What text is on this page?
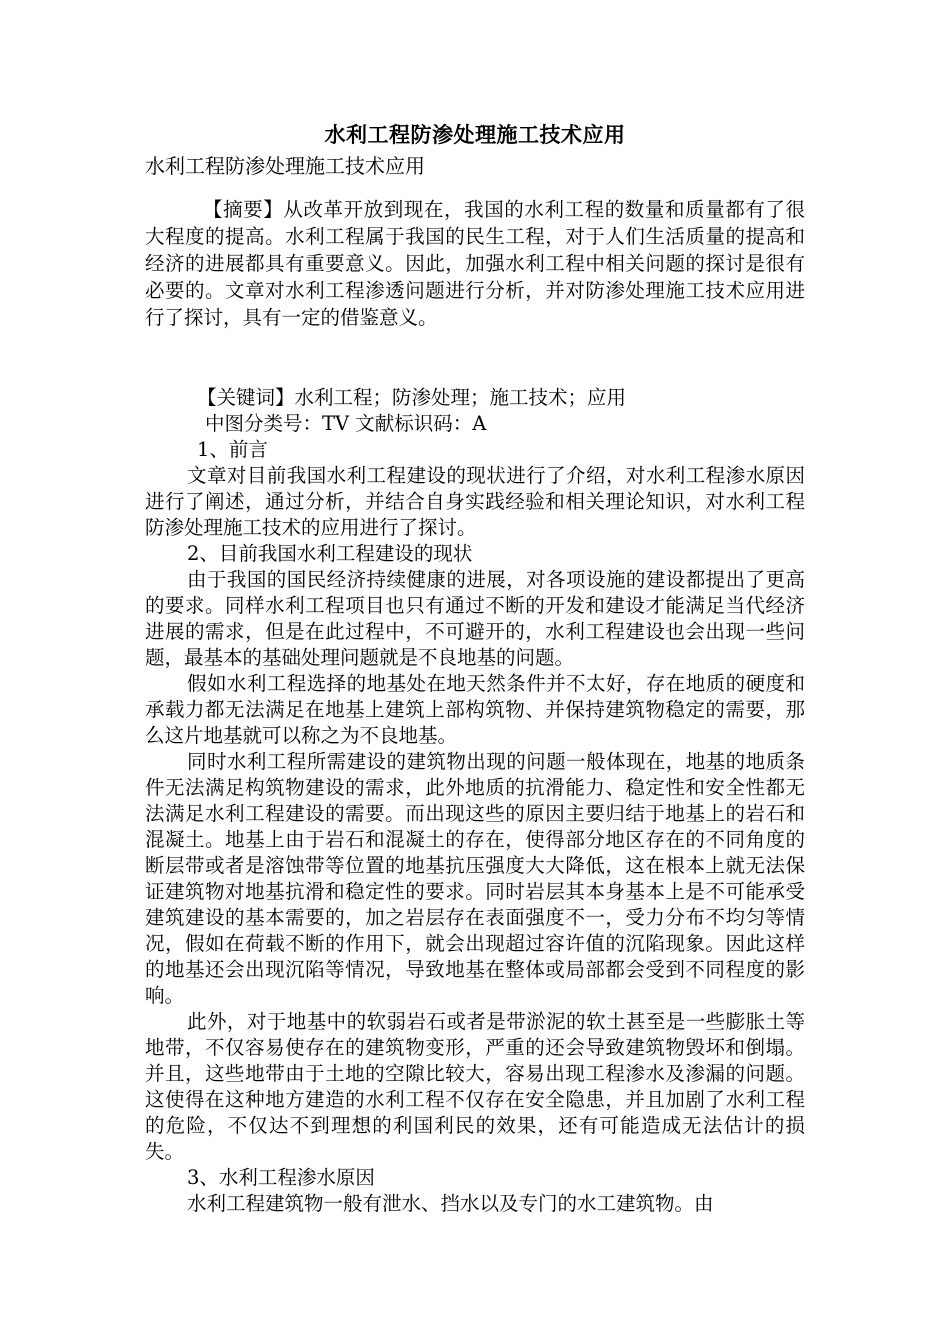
水利工程防渗处理施工技术应用

水利工程防渗处理施工技术应用

【摘要】从改革开放到现在，我国的水利工程的数量和质量都有了很大程度的提高。水利工程属于我国的民生工程，对于人们生活质量的提高和经济的进展都具有重要意义。因此，加强水利工程中相关问题的探讨是很有必要的。文章对水利工程渗透问题进行分析，并对防渗处理施工技术应用进行了探讨，具有一定的借鉴意义。

【关键词】水利工程；防渗处理；施工技术；应用

中图分类号：TV 文献标识码：A

1、前言

文章对目前我国水利工程建设的现状进行了介绍，对水利工程渗水原因进行了阐述，通过分析，并结合自身实践经验和相关理论知识，对水利工程防渗处理施工技术的应用进行了探讨。

2、目前我国水利工程建设的现状

由于我国的国民经济持续健康的进展，对各项设施的建设都提出了更高的要求。同样水利工程项目也只有通过不断的开发和建设才能满足当代经济进展的需求，但是在此过程中，不可避开的，水利工程建设也会出现一些问题，最基本的基础处理问题就是不良地基的问题。

假如水利工程选择的地基处在地天然条件并不太好，存在地质的硬度和承载力都无法满足在地基上建筑上部构筑物、并保持建筑物稳定的需要，那么这片地基就可以称之为不良地基。

同时水利工程所需建设的建筑物出现的问题一般体现在，地基的地质条件无法满足构筑物建设的需求，此外地质的抗滑能力、稳定性和安全性都无法满足水利工程建设的需要。而出现这些的原因主要归结于地基上的岩石和混凝土。地基上由于岩石和混凝土的存在，使得部分地区存在的不同角度的断层带或者是溶蚀带等位置的地基抗压强度大大降低，这在根本上就无法保证建筑物对地基抗滑和稳定性的要求。同时岩层其本身基本上是不可能承受建筑建设的基本需要的，加之岩层存在表面强度不一，受力分布不均匀等情况，假如在荷载不断的作用下，就会出现超过容许值的沉陷现象。因此这样的地基还会出现沉陷等情况，导致地基在整体或局部都会受到不同程度的影响。

此外，对于地基中的软弱岩石或者是带淤泥的软土甚至是一些膨胀土等地带，不仅容易使存在的建筑物变形，严重的还会导致建筑物毁坏和倒塌。并且，这些地带由于土地的空隙比较大，容易出现工程渗水及渗漏的问题。这使得在这种地方建造的水利工程不仅存在安全隐患，并且加剧了水利工程的危险，不仅达不到理想的利国利民的效果，还有可能造成无法估计的损失。

3、水利工程渗水原因

水利工程建筑物一般有泄水、挡水以及专门的水工建筑物。由
